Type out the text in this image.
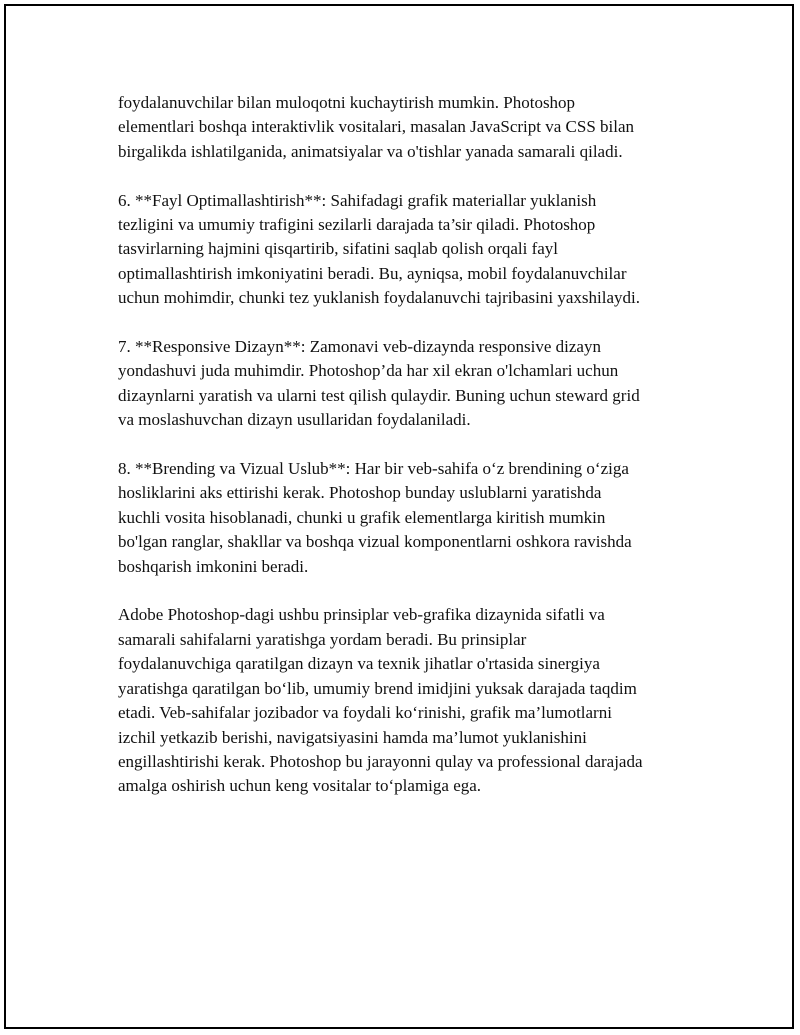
foydalanuvchilar bilan muloqotni kuchaytirish mumkin. Photoshop
elementlari boshqa interaktivlik vositalari, masalan JavaScript va CSS bilan
birgalikda ishlatilganida, animatsiyalar va o'tishlar yanada samarali qiladi.

6. **Fayl Optimallashtirish**: Sahifadagi grafik materiallar yuklanish
tezligini va umumiy trafigini sezilarli darajada ta’sir qiladi. Photoshop
tasvirlarning hajmini qisqartirib, sifatini saqlab qolish orqali fayl
optimallashtirish imkoniyatini beradi. Bu, ayniqsa, mobil foydalanuvchilar
uchun mohimdir, chunki tez yuklanish foydalanuvchi tajribasini yaxshilaydi.

7. **Responsive Dizayn**: Zamonavi veb-dizaynda responsive dizayn
yondashuvi juda muhimdir. Photoshop’da har xil ekran o'lchamlari uchun
dizaynlarni yaratish va ularni test qilish qulaydir. Buning uchun steward grid
va moslashuvchan dizayn usullaridan foydalaniladi.

8. **Brending va Vizual Uslub**: Har bir veb-sahifa o‘z brendining o‘ziga
hosliklarini aks ettirishi kerak. Photoshop bunday uslublarni yaratishda
kuchli vosita hisoblanadi, chunki u grafik elementlarga kiritish mumkin
bo'lgan ranglar, shakllar va boshqa vizual komponentlarni oshkora ravishda
boshqarish imkonini beradi.

Adobe Photoshop-dagi ushbu prinsiplar veb-grafika dizaynida sifatli va
samarali sahifalarni yaratishga yordam beradi. Bu prinsiplar
foydalanuvchiga qaratilgan dizayn va texnik jihatlar o'rtasida sinergiya
yaratishga qaratilgan bo‘lib, umumiy brend imidjini yuksak darajada taqdim
etadi. Veb-sahifalar jozibador va foydali ko‘rinishi, grafik ma’lumotlarni
izchil yetkazib berishi, navigatsiyasini hamda ma’lumot yuklanishini
engillashtirishi kerak. Photoshop bu jarayonni qulay va professional darajada
amalga oshirish uchun keng vositalar to‘plamiga ega.
